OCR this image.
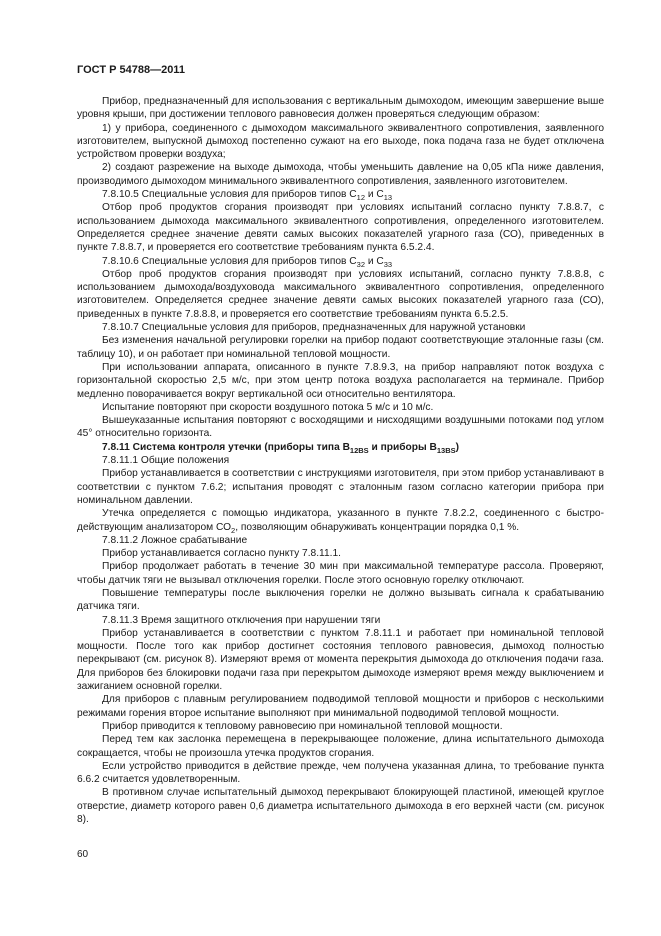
ГОСТ Р 54788—2011
Прибор, предназначенный для использования с вертикальным дымоходом, имеющим завершение выше уровня крыши, при достижении теплового равновесия должен проверяться следующим образом:
1) у прибора, соединенного с дымоходом максимального эквивалентного сопротивления, заявленного изготовителем, выпускной дымоход постепенно сужают на его выходе, пока подача газа не будет отключена устройством проверки воздуха;
2) создают разрежение на выходе дымохода, чтобы уменьшить давление на 0,05 кПа ниже давления, производимого дымоходом минимального эквивалентного сопротивления, заявленного изготовителем.
7.8.10.5 Специальные условия для приборов типов $С_{12}$ и $С_{13}$
Отбор проб продуктов сгорания производят при условиях испытаний согласно пункту 7.8.8.7, с использованием дымохода максимального эквивалентного сопротивления, определенного изготовителем. Определяется среднее значение девяти самых высоких показателей угарного газа (СО), приведенных в пункте 7.8.8.7, и проверяется его соответствие требованиям пункта 6.5.2.4.
7.8.10.6 Специальные условия для приборов типов $С_{32}$ и $С_{33}$
Отбор проб продуктов сгорания производят при условиях испытаний, согласно пункту 7.8.8.8, с использованием дымохода/воздуховода максимального эквивалентного сопротивления, определенного изготовителем. Определяется среднее значение девяти самых высоких показателей угарного газа (СО), приведенных в пункте 7.8.8.8, и проверяется его соответствие требованиям пункта 6.5.2.5.
7.8.10.7 Специальные условия для приборов, предназначенных для наружной установки
Без изменения начальной регулировки горелки на прибор подают соответствующие эталонные газы (см. таблицу 10), и он работает при номинальной тепловой мощности.
При использовании аппарата, описанного в пункте 7.8.9.3, на прибор направляют поток воздуха с горизонтальной скоростью 2,5 м/с, при этом центр потока воздуха располагается на терминале. Прибор медленно поворачивается вокруг вертикальной оси относительно вентилятора.
Испытание повторяют при скорости воздушного потока 5 м/с и 10 м/с.
Вышеуказанные испытания повторяют с восходящими и нисходящими воздушными потоками под углом 45° относительно горизонта.
7.8.11 Система контроля утечки (приборы типа $В_{12BS}$ и приборы $В_{13BS}$)
7.8.11.1 Общие положения
Прибор устанавливается в соответствии с инструкциями изготовителя, при этом прибор устанавливают в соответствии с пунктом 7.6.2; испытания проводят с эталонным газом согласно категории прибора при номинальном давлении.
Утечка определяется с помощью индикатора, указанного в пункте 7.8.2.2, соединенного с быстродействующим анализатором $СО_2$, позволяющим обнаруживать концентрации порядка 0,1 %.
7.8.11.2 Ложное срабатывание
Прибор устанавливается согласно пункту 7.8.11.1.
Прибор продолжает работать в течение 30 мин при максимальной температуре рассола. Проверяют, чтобы датчик тяги не вызывал отключения горелки. После этого основную горелку отключают.
Повышение температуры после выключения горелки не должно вызывать сигнала к срабатыванию датчика тяги.
7.8.11.3 Время защитного отключения при нарушении тяги
Прибор устанавливается в соответствии с пунктом 7.8.11.1 и работает при номинальной тепловой мощности. После того как прибор достигнет состояния теплового равновесия, дымоход полностью перекрывают (см. рисунок 8). Измеряют время от момента перекрытия дымохода до отключения подачи газа. Для приборов без блокировки подачи газа при перекрытом дымоходе измеряют время между выключением и зажиганием основной горелки.
Для приборов с плавным регулированием подводимой тепловой мощности и приборов с несколькими режимами горения второе испытание выполняют при минимальной подводимой тепловой мощности.
Прибор приводится к тепловому равновесию при номинальной тепловой мощности.
Перед тем как заслонка перемещена в перекрывающее положение, длина испытательного дымохода сокращается, чтобы не произошла утечка продуктов сгорания.
Если устройство приводится в действие прежде, чем получена указанная длина, то требование пункта 6.6.2 считается удовлетворенным.
В противном случае испытательный дымоход перекрывают блокирующей пластиной, имеющей круглое отверстие, диаметр которого равен 0,6 диаметра испытательного дымохода в его верхней части (см. рисунок 8).
60
